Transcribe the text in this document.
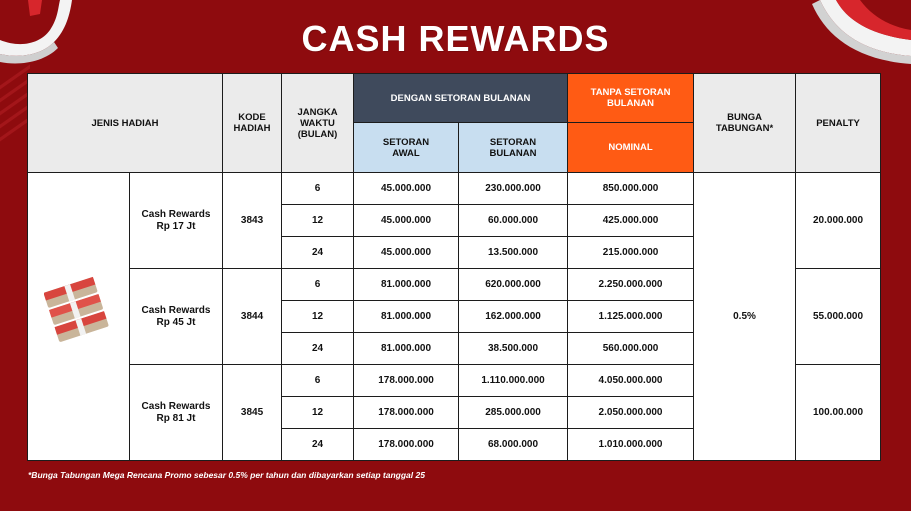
CASH REWARDS
JENIS HADIAH		KODE HADIAH	JANGKA WAKTU (BULAN)	DENGAN SETORAN BULANAN		TANPA SETORAN BULANAN	BUNGA TABUNGAN*	PENALTY
				SETORAN AWAL	SETORAN BULANAN	NOMINAL		

Cash Rewards
Rp 17 Jt	3843	6	45.000.000	230.000.000	850.000.000	0.5%	20.000.000
			12	45.000.000	60.000.000	425.000.000		
			24	45.000.000	13.500.000	215.000.000		

	Cash Rewards
Rp 45 Jt	3844	6	81.000.000	620.000.000	2.250.000.000		55.000.000
			12	81.000.000	162.000.000	1.125.000.000		
			24	81.000.000	38.500.000	560.000.000		

	Cash Rewards
Rp 81 Jt	3845	6	178.000.000	1.110.000.000	4.050.000.000		100.00.000
			12	178.000.000	285.000.000	2.050.000.000		
			24	178.000.000	68.000.000	1.010.000.000		
*Bunga Tabungan Mega Rencana Promo sebesar 0.5% per tahun dan dibayarkan setiap tanggal 25
